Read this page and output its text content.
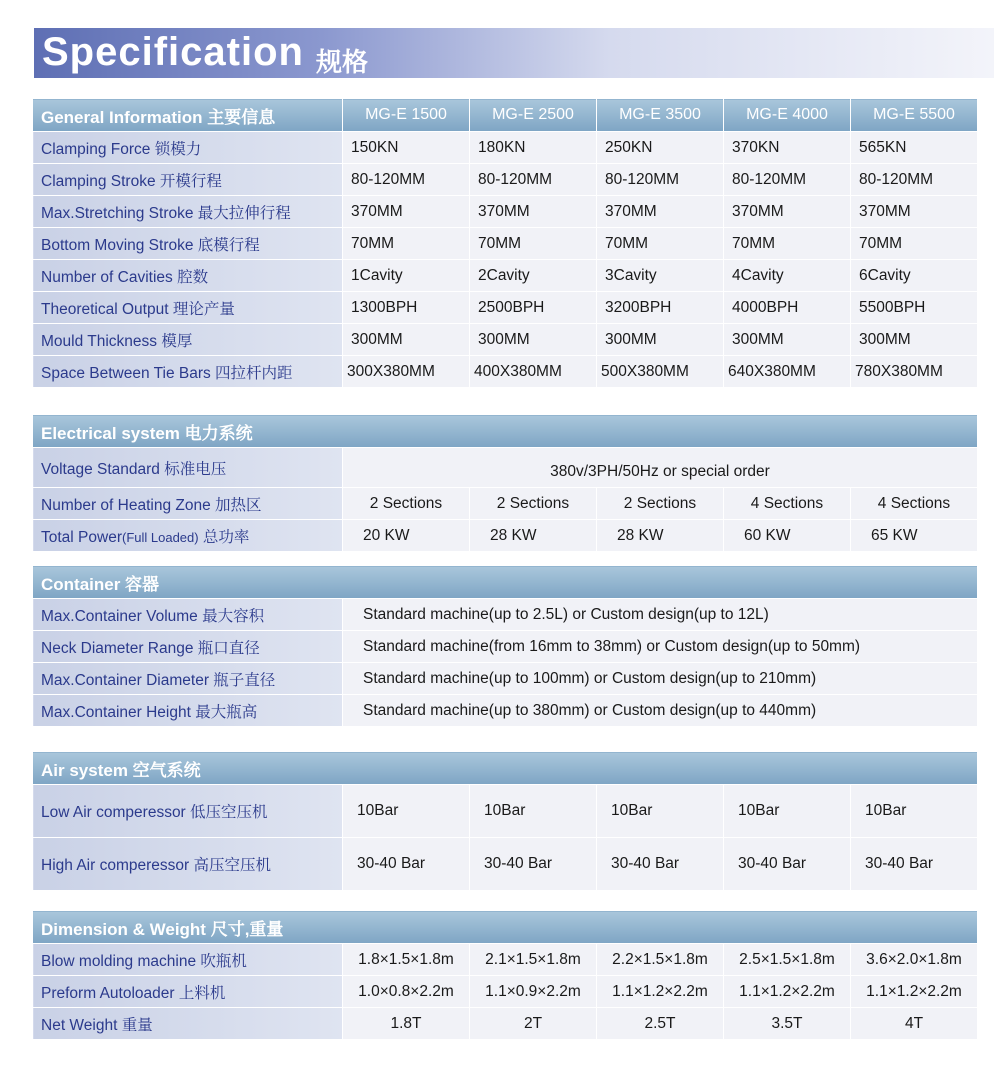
Specification 规格
General Information 主要信息	MG-E 1500	MG-E 2500	MG-E 3500	MG-E 4000	MG-E 5500
Clamping Force 锁模力	150KN	180KN	250KN	370KN	565KN
Clamping Stroke 开模行程	80-120MM	80-120MM	80-120MM	80-120MM	80-120MM
Max.Stretching Stroke 最大拉伸行程	370MM	370MM	370MM	370MM	370MM
Bottom Moving Stroke 底模行程	70MM	70MM	70MM	70MM	70MM
Number of Cavities 腔数	1Cavity	2Cavity	3Cavity	4Cavity	6Cavity
Theoretical Output 理论产量	1300BPH	2500BPH	3200BPH	4000BPH	5500BPH
Mould Thickness 模厚	300MM	300MM	300MM	300MM	300MM
Space Between Tie Bars 四拉杆内距	300X380MM	400X380MM	500X380MM	640X380MM	780X380MM
Electrical system 电力系统					
Voltage Standard 标准电压	380v/3PH/50Hz or special order				
Number of Heating Zone 加热区	2 Sections	2 Sections	2 Sections	4 Sections	4 Sections
Total Power(Full Loaded) 总功率	20 KW	28 KW	28 KW	60 KW	65 KW
Container 容器	
Max.Container Volume 最大容积	Standard machine(up to 2.5L) or Custom design(up to 12L)
Neck Diameter Range 瓶口直径	Standard machine(from 16mm to 38mm) or Custom design(up to 50mm)
Max.Container Diameter 瓶子直径	Standard machine(up to 100mm) or Custom design(up to 210mm)
Max.Container Height 最大瓶高	Standard machine(up to 380mm) or Custom design(up to 440mm)
Air system 空气系统					
Low Air comperessor 低压空压机	10Bar	10Bar	10Bar	10Bar	10Bar
High Air comperessor 高压空压机	30-40 Bar	30-40 Bar	30-40 Bar	30-40 Bar	30-40 Bar
Dimension & Weight 尺寸,重量					
Blow molding machine 吹瓶机	1.8×1.5×1.8m	2.1×1.5×1.8m	2.2×1.5×1.8m	2.5×1.5×1.8m	3.6×2.0×1.8m
Preform Autoloader 上料机	1.0×0.8×2.2m	1.1×0.9×2.2m	1.1×1.2×2.2m	1.1×1.2×2.2m	1.1×1.2×2.2m
Net Weight 重量	1.8T	2T	2.5T	3.5T	4T
